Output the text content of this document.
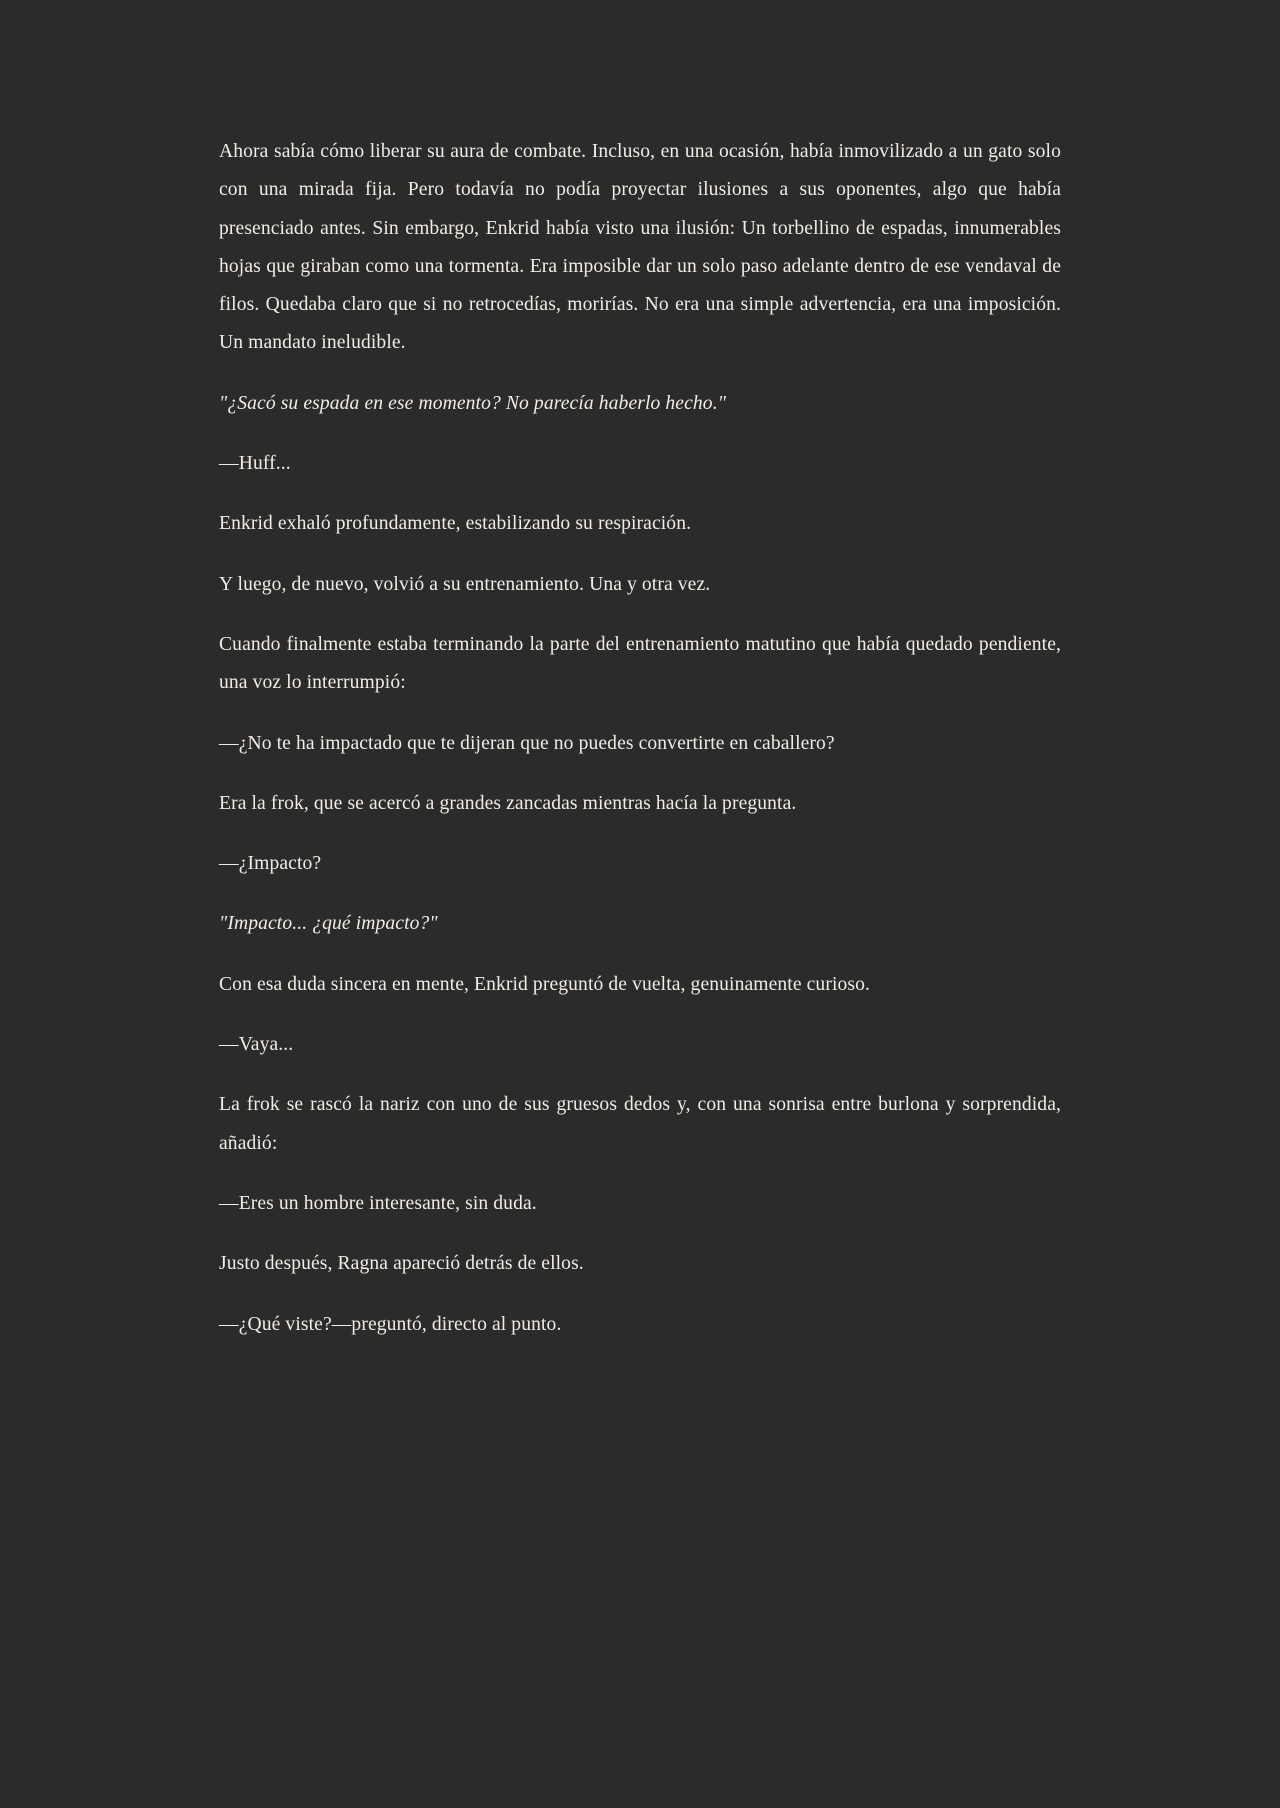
Ahora sabía cómo liberar su aura de combate. Incluso, en una ocasión, había inmovilizado a un gato solo con una mirada fija. Pero todavía no podía proyectar ilusiones a sus oponentes, algo que había presenciado antes. Sin embargo, Enkrid había visto una ilusión: Un torbellino de espadas, innumerables hojas que giraban como una tormenta. Era imposible dar un solo paso adelante dentro de ese vendaval de filos. Quedaba claro que si no retrocedías, morirías. No era una simple advertencia, era una imposición. Un mandato ineludible.

"¿Sacó su espada en ese momento? No parecía haberlo hecho."

—Huff...

Enkrid exhaló profundamente, estabilizando su respiración.

Y luego, de nuevo, volvió a su entrenamiento. Una y otra vez.

Cuando finalmente estaba terminando la parte del entrenamiento matutino que había quedado pendiente, una voz lo interrumpió:

—¿No te ha impactado que te dijeran que no puedes convertirte en caballero?

Era la frok, que se acercó a grandes zancadas mientras hacía la pregunta.

—¿Impacto?

"Impacto... ¿qué impacto?"

Con esa duda sincera en mente, Enkrid preguntó de vuelta, genuinamente curioso.

—Vaya...

La frok se rascó la nariz con uno de sus gruesos dedos y, con una sonrisa entre burlona y sorprendida, añadió:

—Eres un hombre interesante, sin duda.

Justo después, Ragna apareció detrás de ellos.

—¿Qué viste?—preguntó, directo al punto.
